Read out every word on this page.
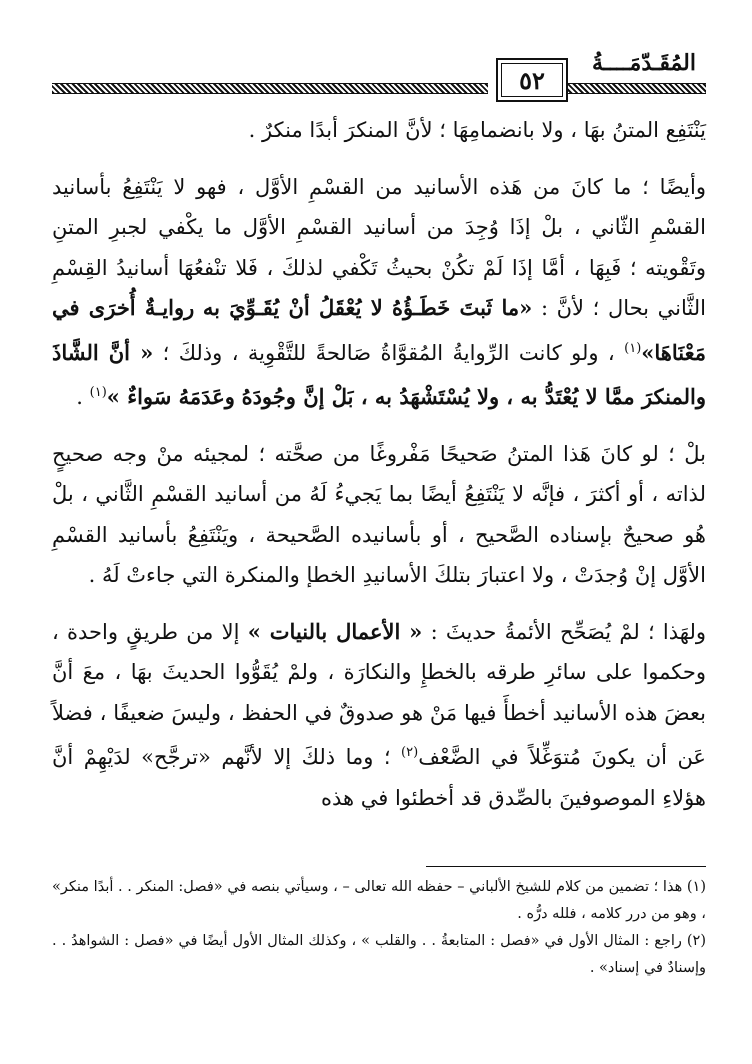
المُقَـدّمَــــةُ
٥٢

يَنْتَفِع المتنُ بهَا ، ولا بانضمامِهَا ؛ لأنَّ المنكرَ أبدًا منكرٌ .

وأيضًا ؛ ما كانَ من هَذه الأسانيد من القسْمِ الأوَّل ، فهو لا يَنْتَفِعُ بأسانيد القسْمِ الثّاني ، بلْ إذَا وُجِدَ من أسانيد القسْمِ الأوَّل ما يكْفي لجبرِ المتنِ وتَقْويته ؛ فَبِهَا ، أمَّا إذَا لَمْ تكُنْ بحيثُ تَكْفي لذلكَ ، فَلا تنْفعُهَا أسانيدُ القِسْمِ الثَّاني بحال ؛ لأنَّ : «ما ثَبتَ خَطَـؤُهُ لا يُعْقَلُ أنْ يُقَـوِّيَ به روايـةٌ أُخرَى في مَعْنَاهَا»$^{(١)}$ ، ولو كانت الرِّوايةُ المُقوَّاةُ صَالحةً للتَّقْوِية ، وذلكَ ؛ « أنَّ الشَّاذَ والمنكرَ ممَّا لا يُعْتَدُّ به ، ولا يُسْتَشْهَدُ به ، بَلْ إنَّ وجُودَهُ وعَدَمَهُ سَواءٌ »$^{(١)}$ .

بلْ ؛ لو كانَ هَذا المتنُ صَحيحًا مَفْروغًا من صحَّته ؛ لمجيئه منْ وجه صحيحٍ لذاته ، أو أكثرَ ، فإنَّه لا يَنْتَفِعُ أيضًا بما يَجيءُ لَهُ من أسانيد القسْمِ الثَّاني ، بلْ هُو صحيحٌ بإسناده الصَّحيح ، أو بأسانيده الصَّحيحة ، ويَنْتَفِعُ بأسانيد القسْمِ الأوَّل إنْ وُجدَتْ ، ولا اعتبارَ بتلكَ الأسانيدِ الخطإ والمنكرة التي جاءتْ لَهُ .

ولهَذا ؛ لمْ يُصَحِّح الأئمةُ حديثَ : « الأعمال بالنيات » إلا من طريقٍ واحدة ، وحكموا على سائرِ طرقه بالخطإِ والنكارَة ، ولمْ يُقَوُّوا الحديثَ بهَا ، معَ أنَّ بعضَ هذه الأسانيد أخطأَ فيها مَنْ هو صدوقٌ في الحفظ ، وليسَ ضعيفًا ، فضلاً عَن أن يكونَ مُتوَغِّلاً في الضَّعْف$^{(٢)}$ ؛ وما ذلكَ إلا لأنَّهم «ترجَّح» لدَيْهِمْ أنَّ هؤلاءِ الموصوفينَ بالصِّدق قد أخطئوا في هذه

(١) هذا ؛ تضمين من كلام للشيخ الألباني – حفظه الله تعالى – ، وسيأتي بنصه في «فصل: المنكر . . أبدًا منكر» ، وهو من درر كلامه ، فلله درُّه .

(٢) راجع : المثال الأول في «فصل : المتابعةُ . . والقلب » ، وكذلك المثال الأول أيضًا في «فصل : الشواهدُ . . وإسنادٌ في إسناد» .
